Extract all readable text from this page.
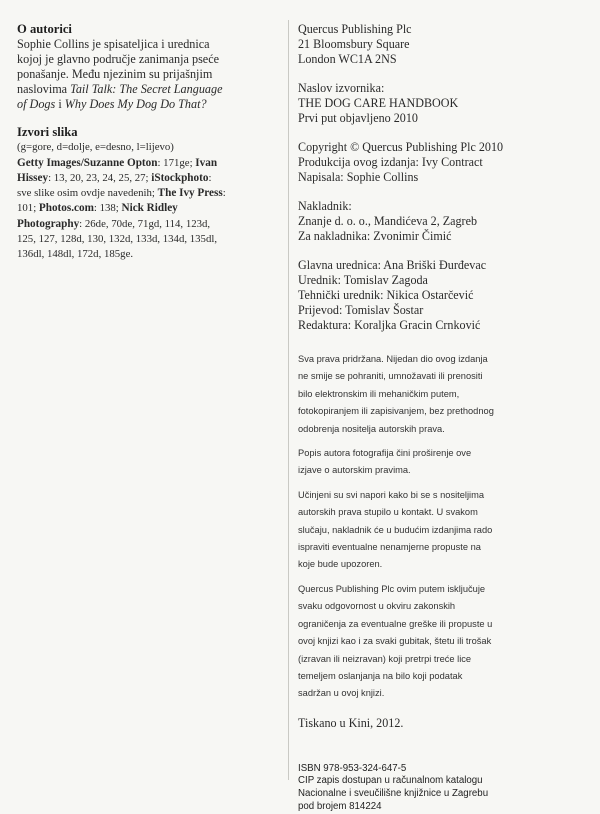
O autorici
Sophie Collins je spisateljica i urednica
kojoj je glavno područje zanimanja pseće
ponašanje. Među njezinim su prijašnjim
naslovima Tail Talk: The Secret Language
of Dogs i Why Does My Dog Do That?
Izvori slika
(g=gore, d=dolje, e=desno, l=lijevo)
Getty Images/Suzanne Opton: 171ge; Ivan
Hissey: 13, 20, 23, 24, 25, 27; iStockphoto:
sve slike osim ovdje navedenih; The Ivy Press:
101; Photos.com: 138; Nick Ridley
Photography: 26de, 70de, 71gd, 114, 123d,
125, 127, 128d, 130, 132d, 133d, 134d, 135dl,
136dl, 148dl, 172d, 185ge.
Quercus Publishing Plc
21 Bloomsbury Square
London WC1A 2NS
Naslov izvornika:
THE DOG CARE HANDBOOK
Prvi put objavljeno 2010
Copyright © Quercus Publishing Plc 2010
Produkcija ovog izdanja: Ivy Contract
Napisala: Sophie Collins
Nakladnik:
Znanje d. o. o., Mandićeva 2, Zagreb
Za nakladnika: Zvonimir Čimić
Glavna urednica: Ana Briški Đurđevac
Urednik: Tomislav Zagoda
Tehnički urednik: Nikica Ostarčević
Prijevod: Tomislav Šostar
Redaktura: Koraljka Gracin Crnković

Sva prava pridržana. Nijedan dio ovog izdanja
ne smije se pohraniti, umnožavati ili prenositi
bilo elektronskim ili mehaničkim putem,
fotokopiranjem ili zapisivanjem, bez prethodnog
odobrenja nositelja autorskih prava.

Popis autora fotografija čini proširenje ove
izjave o autorskim pravima.

Učinjeni su svi napori kako bi se s nositeljima
autorskih prava stupilo u kontakt. U svakom
slučaju, nakladnik će u budućim izdanjima rado
ispraviti eventualne nenamjerne propuste na
koje bude upozoren.

Quercus Publishing Plc ovim putem isključuje
svaku odgovornost u okviru zakonskih
ograničenja za eventualne greške ili propuste u
ovoj knjizi kao i za svaki gubitak, štetu ili trošak
(izravan ili neizravan) koji pretrpi treće lice
temeljem oslanjanja na bilo koji podatak
sadržan u ovoj knjizi.

Tiskano u Kini, 2012.
ISBN 978-953-324-647-5
CIP zapis dostupan u računalnom katalogu
Nacionalne i sveučilišne knjižnice u Zagrebu
pod brojem 814224
